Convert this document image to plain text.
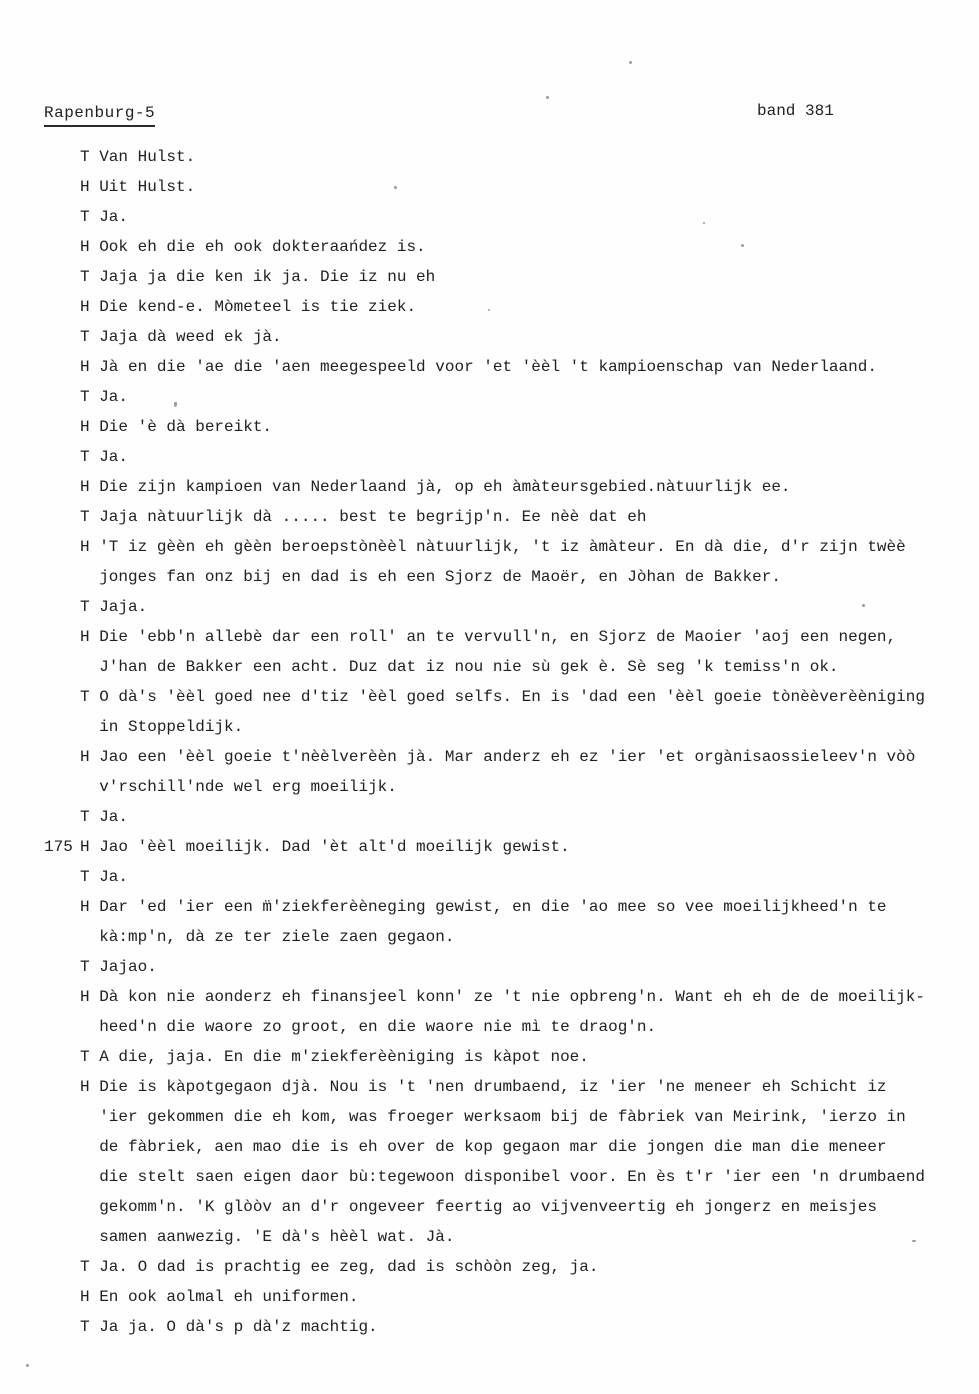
Rapenburg-5	band 381
T Van Hulst.
H Uit Hulst.
T Ja.
H Ook eh die eh ook dokteraańdez is.
T Jaja ja die ken ik ja. Die iz nu eh
H Die kend-e. Mòmeteel is tie ziek.
T Jaja dà weed ek jà.
H Jà en die 'ae die 'aen meegespeeld voor 'et 'èèl 't kampioenschap van Nederlaand.
T Ja.
H Die 'è dà bereikt.
T Ja.
H Die zijn kampioen van Nederlaand jà, op eh àmàteursgebied.nàtuurlijk ee.
T Jaja nàtuurlijk dà ..... best te begrijp'n. Ee nèè dat eh
H 'T iz gèèn eh gèèn beroepstònèèl nàtuurlijk, 't iz àmàteur. En dà die, d'r zijn twèè
jonges fan onz bij en dad is eh een Sjorz de Maoër, en Jòhan de Bakker.
T Jaja.
H Die 'ebb'n allebè dar een roll' an te vervull'n, en Sjorz de Maoier 'aoj een negen,
J'han de Bakker een acht. Duz dat iz nou nie sù gek è. Sè seg 'k temiss'n ok.
T O dà's 'èèl goed nee d'tiz 'èèl goed selfs. En is 'dad een 'èèl goeie tònèèverèèniging
in Stoppeldijk.
H Jao een 'èèl goeie t'nèèlverèèn jà. Mar anderz eh ez 'ier 'et orgànisaossieleev'n vòò
v'rschill'nde wel erg moeilijk.
T Ja.
175 H Jao 'èèl moeilijk. Dad 'èt alt'd moeilijk gewist.
T Ja.
H Dar 'ed 'ier een m̈'ziekferèèneging gewist, en die 'ao mee so vee moeilijkheed'n te
kà:mp'n, dà ze ter ziele zaen gegaon.
T Jajao.
H Dà kon nie aonderz eh finansjeel konn' ze 't nie opbreng'n. Want eh eh de de moeilijk-
heed'n die waore zo groot, en die waore nie mì te draog'n.
T A die, jaja. En die m'ziekferèèniging is kàpot noe.
H Die is kàpotgegaon djà. Nou is 't 'nen drumbaend, iz 'ier 'ne meneer eh Schicht iz
'ier gekommen die eh kom, was froeger werksaom bij de fàbriek van Meirink, 'ierzo in
de fàbriek, aen mao die is eh over de kop gegaon mar die jongen die man die meneer
die stelt saen eigen daor bù:tegewoon disponibel voor. En ès t'r 'ier een 'n drumbaend
gekomm'n. 'K glòòv an d'r ongeveer feertig ao vijvenveertig eh jongerz en meisjes
samen aanwezig. 'E dà's hèèl wat. Jà.
T Ja. O dad is prachtig ee zeg, dad is schòòn zeg, ja.
H En ook aolmal eh uniformen.
T Ja ja. O dà's p dà'z machtig.
